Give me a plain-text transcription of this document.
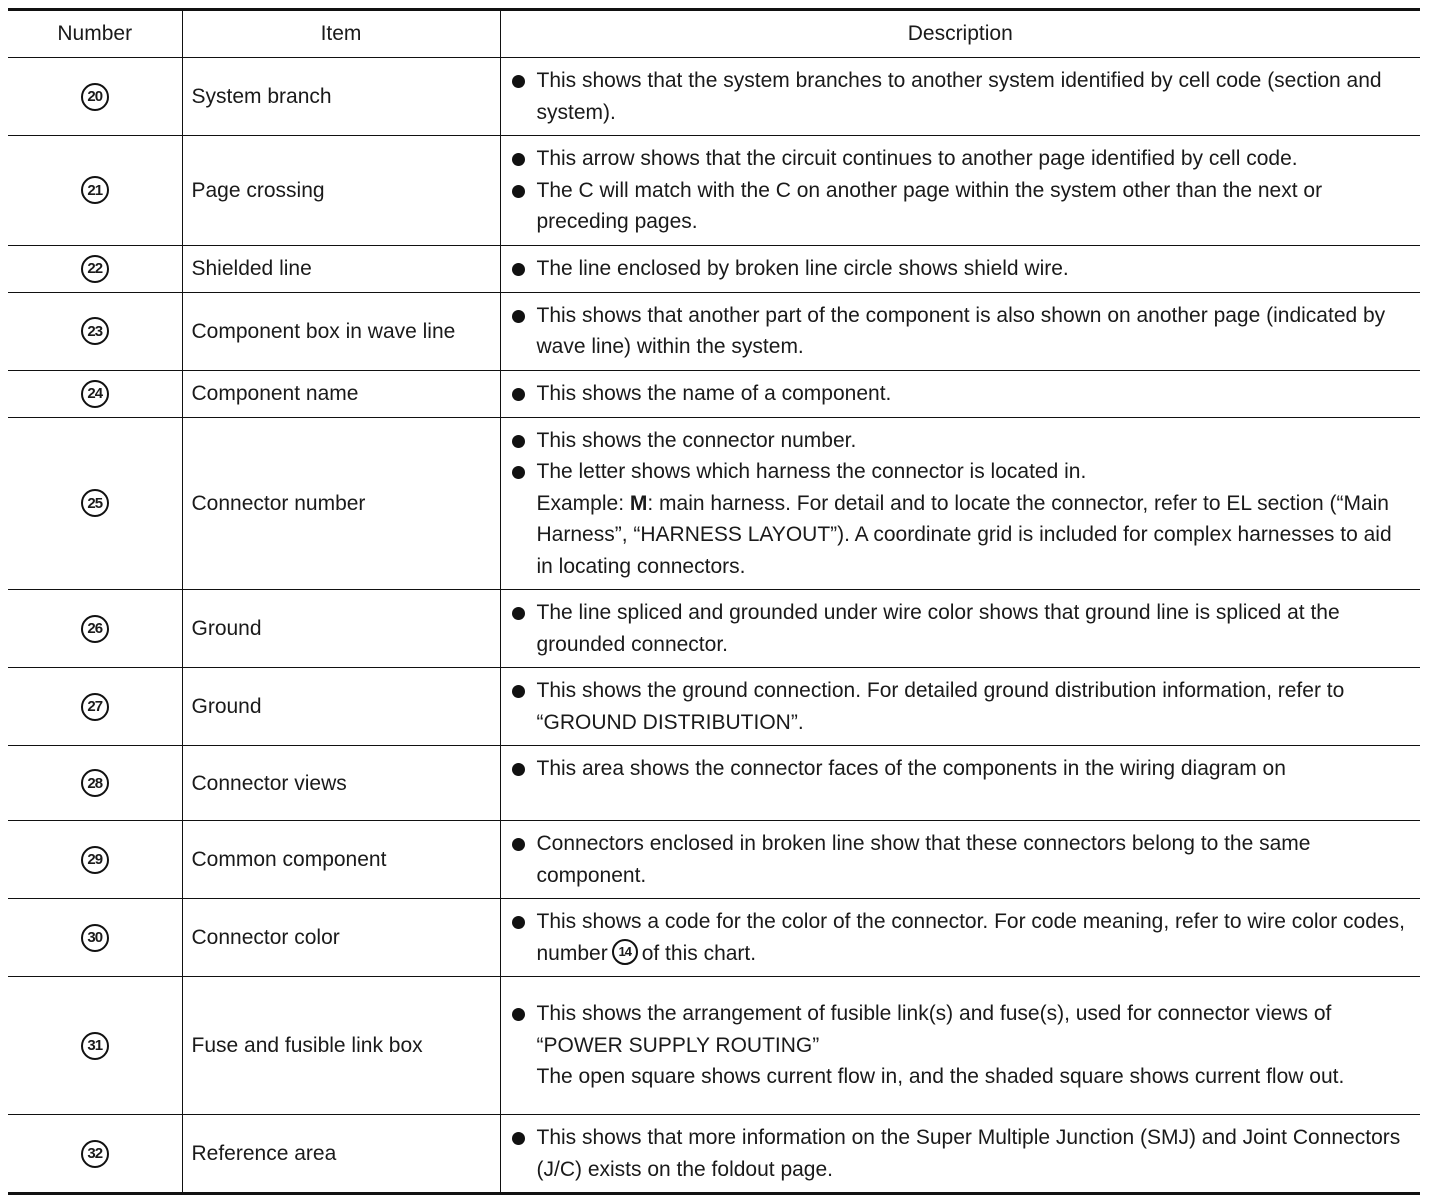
Number	Item	Description
20	System branch	This shows that the system branches to another system identified by cell code (section and system).

21	Page crossing	This arrow shows that the circuit continues to another page identified by cell code.
The C will match with the C on another page within the system other than the next or preceding pages.

22	Shielded line	The line enclosed by broken line circle shows shield wire.

23	Component box in wave line	This shows that another part of the component is also shown on another page (indicated by wave line) within the system.

24	Component name	This shows the name of a component.

25	Connector number	This shows the connector number.
The letter shows which harness the connector is located in.
Example: M: main harness. For detail and to locate the connector, refer to EL section (“Main Harness”, “HARNESS LAYOUT”). A coordinate grid is included for complex harnesses to aid in locating connectors.

26	Ground	The line spliced and grounded under wire color shows that ground line is spliced at the grounded connector.

27	Ground	This shows the ground connection. For detailed ground distribution information, refer to “GROUND DISTRIBUTION”.

28	Connector views	This area shows the connector faces of the components in the wiring diagram on

29	Common component	Connectors enclosed in broken line show that these connectors belong to the same component.

30	Connector color	This shows a code for the color of the connector. For code meaning, refer to wire color codes, number 14 of this chart.

31	Fuse and fusible link box	This shows the arrangement of fusible link(s) and fuse(s), used for connector views of “POWER SUPPLY ROUTING”
The open square shows current flow in, and the shaded square shows current flow out.

32	Reference area	This shows that more information on the Super Multiple Junction (SMJ) and Joint Connectors (J/C) exists on the foldout page.
